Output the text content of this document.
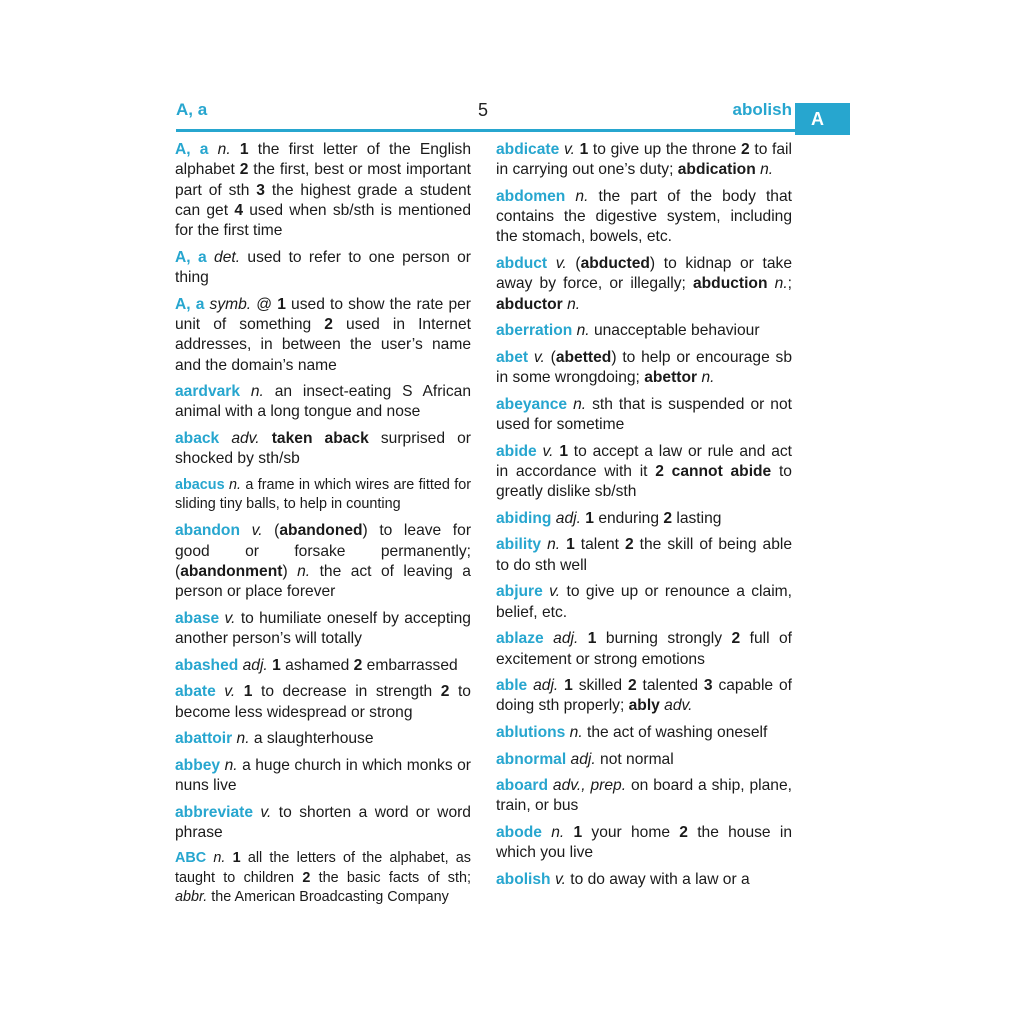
A, a	5	abolish	A

A, a n. 1 the first letter of the English alphabet 2 the first, best or most important part of sth 3 the highest grade a student can get 4 used when sb/sth is mentioned for the first time

A, a det. used to refer to one person or thing

A, a symb. @ 1 used to show the rate per unit of something 2 used in Internet addresses, in between the user’s name and the domain’s name

aardvark n. an insect-eating S African animal with a long tongue and nose

aback adv. taken aback surprised or shocked by sth/sb

abacus n. a frame in which wires are fitted for sliding tiny balls, to help in counting

abandon v. (abandoned) to leave for good or forsake permanently; (abandonment) n. the act of leaving a person or place forever

abase v. to humiliate oneself by accepting another person’s will totally

abashed adj. 1 ashamed 2 embarrassed

abate v. 1 to decrease in strength 2 to become less widespread or strong

abattoir n. a slaughterhouse

abbey n. a huge church in which monks or nuns live

abbreviate v. to shorten a word or word phrase

ABC n. 1 all the letters of the alphabet, as taught to children 2 the basic facts of sth; abbr. the American Broadcasting Company

abdicate v. 1 to give up the throne 2 to fail in carrying out one’s duty; abdication n.

abdomen n. the part of the body that contains the digestive system, including the stomach, bowels, etc.

abduct v. (abducted) to kidnap or take away by force, or illegally; abduction n.; abductor n.

aberration n. unacceptable behaviour

abet v. (abetted) to help or encourage sb in some wrongdoing; abettor n.

abeyance n. sth that is suspended or not used for sometime

abide v. 1 to accept a law or rule and act in accordance with it 2 cannot abide to greatly dislike sb/sth

abiding adj. 1 enduring 2 lasting

ability n. 1 talent 2 the skill of being able to do sth well

abjure v. to give up or renounce a claim, belief, etc.

ablaze adj. 1 burning strongly 2 full of excitement or strong emotions

able adj. 1 skilled 2 talented 3 capable of doing sth properly; ably adv.

ablutions n. the act of washing oneself

abnormal adj. not normal

aboard adv., prep. on board a ship, plane, train, or bus

abode n. 1 your home 2 the house in which you live

abolish v. to do away with a law or a
